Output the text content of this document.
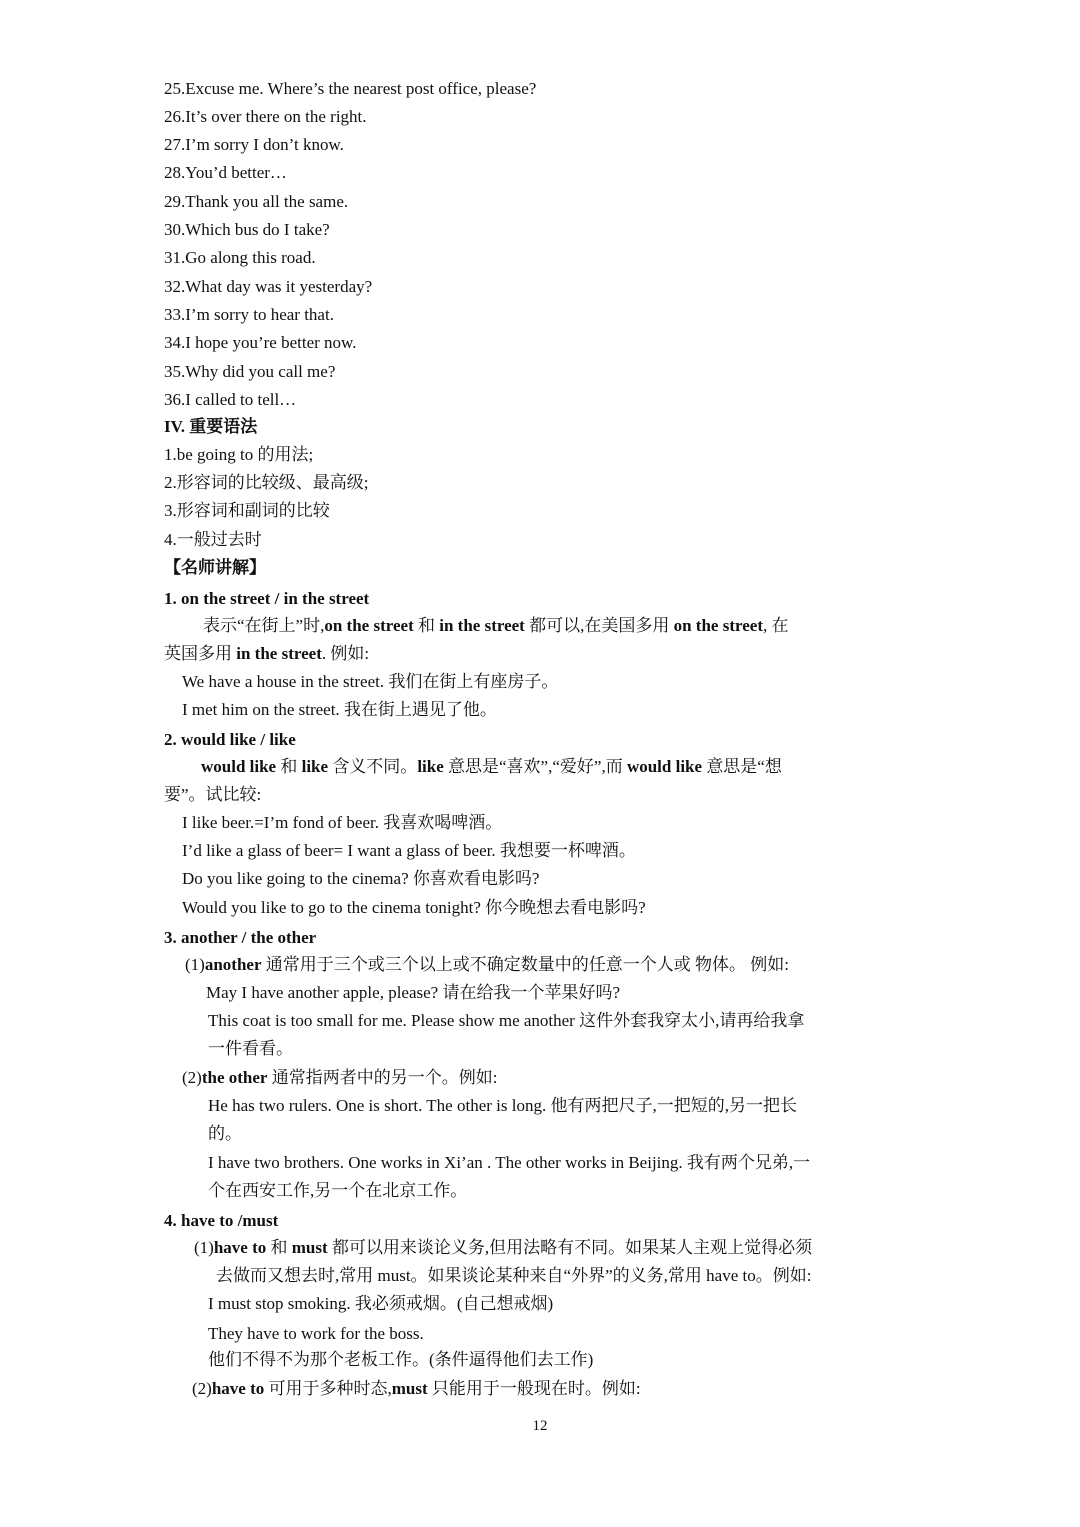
25.Excuse me. Where’s the nearest post office, please?
26.It’s over there on the right.
27.I’m sorry I don’t know.
28.You’d better…
29.Thank you all the same.
30.Which bus do I take?
31.Go along this road.
32.What day was it yesterday?
33.I’m sorry to hear that.
34.I hope you’re better now.
35.Why did you call me?
36.I called to tell…
IV. 重要语法
1.be going to 的用法;
2.形容词的比较级、最高级;
3.形容词和副词的比较
4.一般过去时
【名师讲解】
1. on the street / in the street
表示“在街上”时,on the street 和 in the street 都可以,在美国多用 on the street, 在
英国多用 in the street. 例如:
We have a house in the street. 我们在街上有座房子。
I met him on the street. 我在街上遇见了他。
2. would like / like
would like 和 like 含义不同。like 意思是“喜欢”,“爱好”,而 would like 意思是“想
要”。试比较:
I like beer.=I’m fond of beer. 我喜欢喝啤酒。
I’d like a glass of beer= I want a glass of beer. 我想要一杯啤酒。
Do you like going to the cinema? 你喜欢看电影吗?
Would you like to go to the cinema tonight? 你今晚想去看电影吗?
3. another / the other
(1)another 通常用于三个或三个以上或不确定数量中的任意一个人或 物体。 例如:
May I have another apple, please? 请在给我一个苹果好吗?
This coat is too small for me. Please show me another 这件外套我穿太小,请再给我拿
一件看看。
(2)the other 通常指两者中的另一个。例如:
He has two rulers. One is short. The other is long. 他有两把尺子,一把短的,另一把长
的。
I have two brothers. One works in Xi’an . The other works in Beijing. 我有两个兄弟,一
个在西安工作,另一个在北京工作。
4. have to /must
(1)have to 和 must 都可以用来谈论义务,但用法略有不同。如果某人主观上觉得必须
去做而又想去时,常用 must。如果谈论某种来自“外界”的义务,常用 have to。例如:
I must stop smoking. 我必须戒烟。(自己想戒烟)
They have to work for the boss.
他们不得不为那个老板工作。(条件逼得他们去工作)
(2)have to 可用于多种时态,must 只能用于一般现在时。例如:
12
